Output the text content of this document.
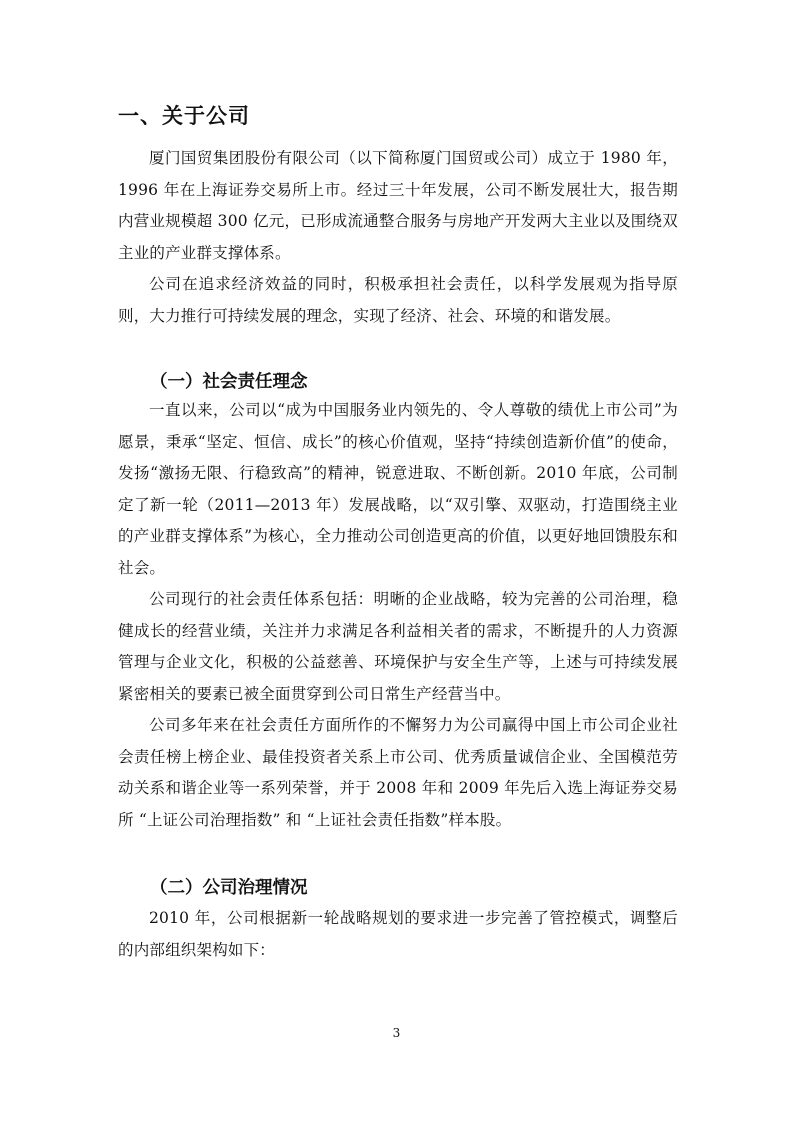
一、关于公司

厦门国贸集团股份有限公司（以下简称厦门国贸或公司）成立于 1980 年，1996 年在上海证券交易所上市。经过三十年发展，公司不断发展壮大，报告期内营业规模超 300 亿元，已形成流通整合服务与房地产开发两大主业以及围绕双主业的产业群支撑体系。

公司在追求经济效益的同时，积极承担社会责任，以科学发展观为指导原则，大力推行可持续发展的理念，实现了经济、社会、环境的和谐发展。

（一）社会责任理念

一直以来，公司以“成为中国服务业内领先的、令人尊敬的绩优上市公司”为愿景，秉承“坚定、恒信、成长”的核心价值观，坚持“持续创造新价值”的使命，发扬“激扬无限、行稳致高”的精神，锐意进取、不断创新。2010 年底，公司制定了新一轮（2011—2013 年）发展战略，以“双引擎、双驱动，打造围绕主业的产业群支撑体系”为核心，全力推动公司创造更高的价值，以更好地回馈股东和社会。

公司现行的社会责任体系包括：明晰的企业战略，较为完善的公司治理，稳健成长的经营业绩，关注并力求满足各利益相关者的需求，不断提升的人力资源管理与企业文化，积极的公益慈善、环境保护与安全生产等，上述与可持续发展紧密相关的要素已被全面贯穿到公司日常生产经营当中。

公司多年来在社会责任方面所作的不懈努力为公司赢得中国上市公司企业社会责任榜上榜企业、最佳投资者关系上市公司、优秀质量诚信企业、全国模范劳动关系和谐企业等一系列荣誉，并于 2008 年和 2009 年先后入选上海证券交易所 “上证公司治理指数” 和 “上证社会责任指数”样本股。

（二）公司治理情况

2010 年，公司根据新一轮战略规划的要求进一步完善了管控模式，调整后的内部组织架构如下：

3
